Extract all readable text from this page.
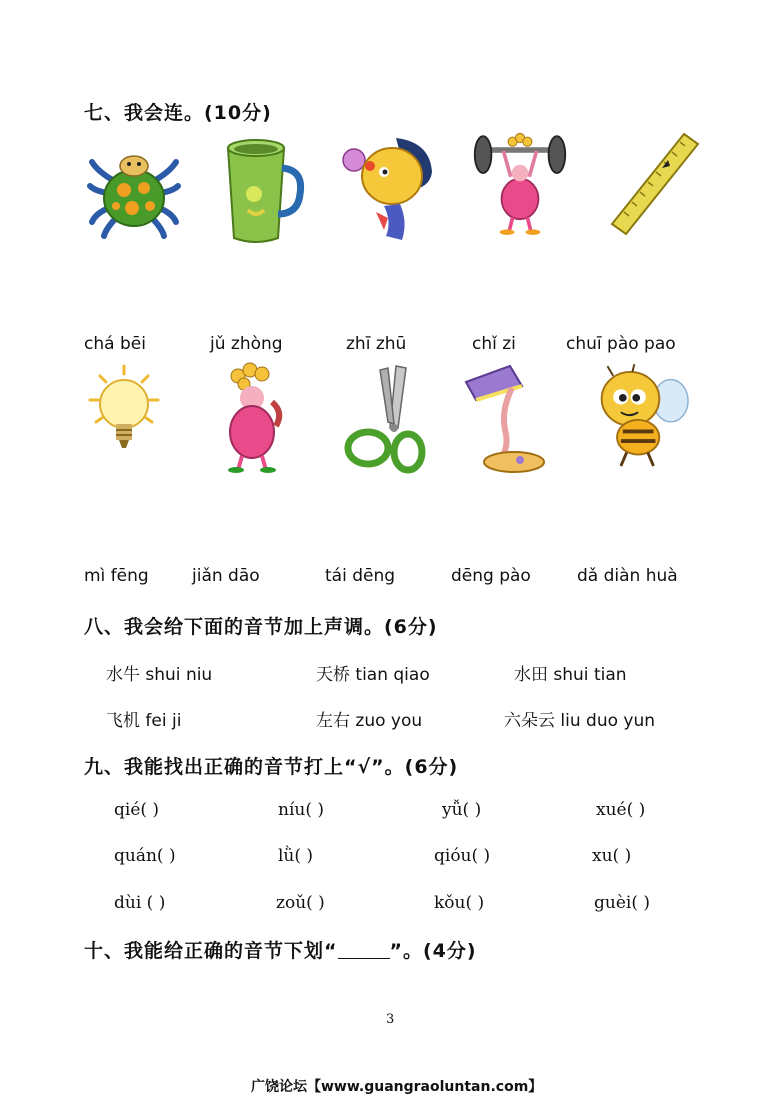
七、我会连。(10分)
chá bēi	jǔ zhòng	zhī zhū	chǐ zi	chuī pào pao
mì fēng	jiǎn dāo	tái dēng	dēng pào	dǎ diàn huà
八、我会给下面的音节加上声调。(6分)
水牛 shui niu	天桥 tian qiao	水田 shui tian
飞机 fei ji	左右 zuo you	六朵云 liu duo yun
九、我能找出正确的音节打上“√”。(6分)
qié( )	níu( )	yǚ( )	xué( )
quán( )	lǜ( )	qióu( )	xu( )
dùi ( )	zoǔ( )	kǒu( )	guèi( )
十、我能给正确的音节下划“	”。(4分)
3
广饶论坛【www.guangraoluntan.com】
